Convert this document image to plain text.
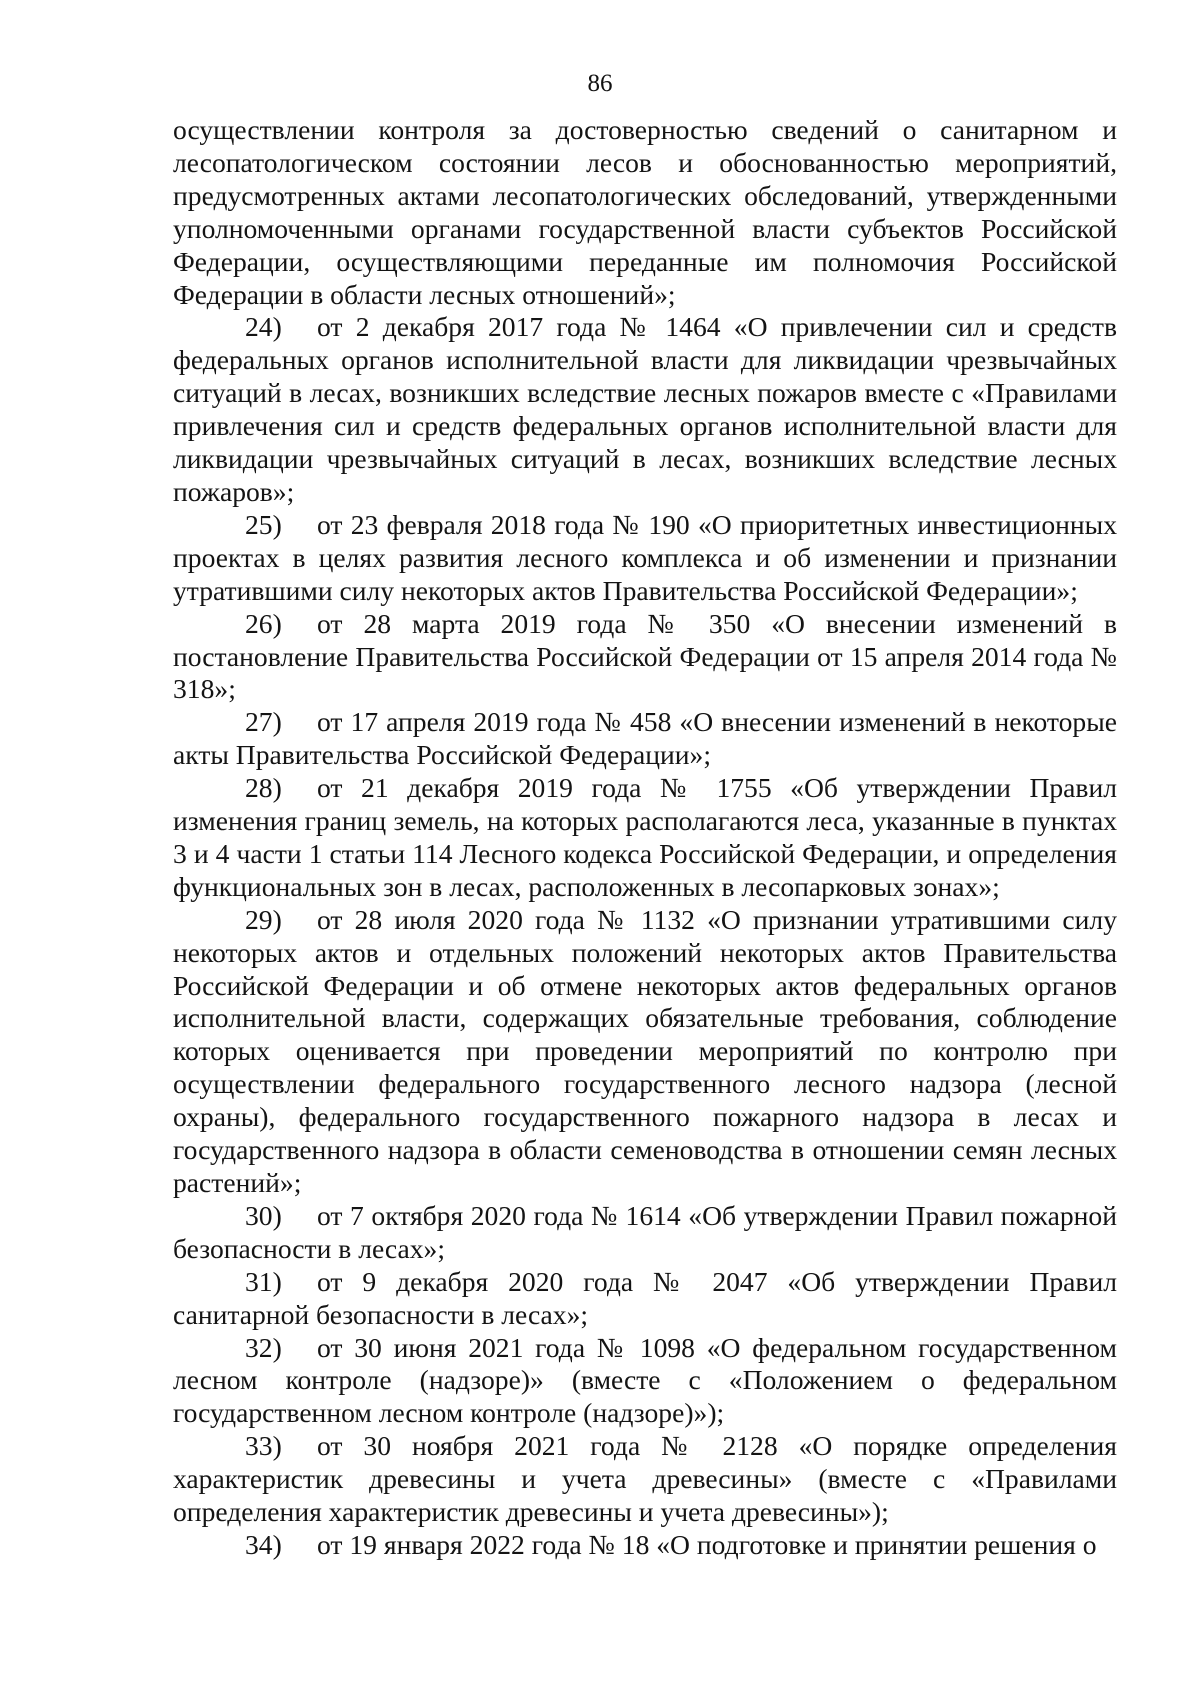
86

осуществлении контроля за достоверностью сведений о санитарном и лесопатологическом состоянии лесов и обоснованностью мероприятий, предусмотренных актами лесопатологических обследований, утвержденными уполномоченными органами государственной власти субъектов Российской Федерации, осуществляющими переданные им полномочия Российской Федерации в области лесных отношений»;

24) от 2 декабря 2017 года № 1464 «О привлечении сил и средств федеральных органов исполнительной власти для ликвидации чрезвычайных ситуаций в лесах, возникших вследствие лесных пожаров вместе с «Правилами привлечения сил и средств федеральных органов исполнительной власти для ликвидации чрезвычайных ситуаций в лесах, возникших вследствие лесных пожаров»;

25) от 23 февраля 2018 года № 190 «О приоритетных инвестиционных проектах в целях развития лесного комплекса и об изменении и признании утратившими силу некоторых актов Правительства Российской Федерации»;

26) от 28 марта 2019 года № 350 «О внесении изменений в постановление Правительства Российской Федерации от 15 апреля 2014 года № 318»;

27) от 17 апреля 2019 года № 458 «О внесении изменений в некоторые акты Правительства Российской Федерации»;

28) от 21 декабря 2019 года № 1755 «Об утверждении Правил изменения границ земель, на которых располагаются леса, указанные в пунктах 3 и 4 части 1 статьи 114 Лесного кодекса Российской Федерации, и определения функциональных зон в лесах, расположенных в лесопарковых зонах»;

29) от 28 июля 2020 года № 1132 «О признании утратившими силу некоторых актов и отдельных положений некоторых актов Правительства Российской Федерации и об отмене некоторых актов федеральных органов исполнительной власти, содержащих обязательные требования, соблюдение которых оценивается при проведении мероприятий по контролю при осуществлении федерального государственного лесного надзора (лесной охраны), федерального государственного пожарного надзора в лесах и государственного надзора в области семеноводства в отношении семян лесных растений»;

30) от 7 октября 2020 года № 1614 «Об утверждении Правил пожарной безопасности в лесах»;

31) от 9 декабря 2020 года № 2047 «Об утверждении Правил санитарной безопасности в лесах»;

32) от 30 июня 2021 года № 1098 «О федеральном государственном лесном контроле (надзоре)» (вместе с «Положением о федеральном государственном лесном контроле (надзоре)»);

33) от 30 ноября 2021 года № 2128 «О порядке определения характеристик древесины и учета древесины» (вместе с «Правилами определения характеристик древесины и учета древесины»);

34) от 19 января 2022 года № 18 «О подготовке и принятии решения о
